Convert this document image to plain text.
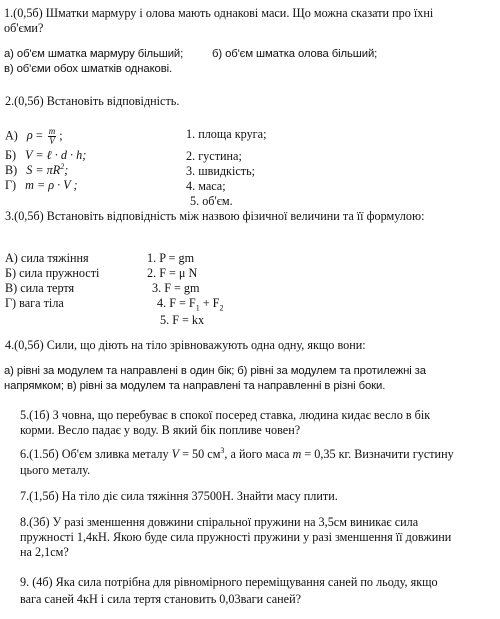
1.(0,5б) Шматки мармуру і олова мають однакові маси. Що можна сказати про їхні
об'єми?
а) об'єм шматка мармуру більший;	б) об'єм шматка олова більший;
в) об'єми обох шматків однакові.
2.(0,5б) Встановіть відповідність.
А) $\rho = \frac{m}{V}$ ;
Б) V = ℓ · d · h;
В) $S = \pi R^2$;
Г) m = ρ · V ;
1. площа круга;
2. густина;
3. швидкість;
4. маса;
5. об'єм.
3.(0,5б) Встановіть відповідність між назвою фізичної величини та її формулою:
А) сила тяжіння
Б) сила пружності
В) сила тертя
Г) вага тіла
1. P = gm
2. F = μ N
3. F = gm
4. $F = F_1 + F_2$
5. F = kx
4.(0,5б) Сили, що діють на тіло зрівноважують одна одну, якщо вони:
а) рівні за модулем та направлені в один бік; б) рівні за модулем та протилежні за
напрямком; в) рівні за модулем та направлені та направленні в різні боки.
5.(1б) З човна, що перебуває в спокої посеред ставка, людина кидає весло в бік
корми. Весло падає у воду. В який бік попливе човен?
6.(1.5б) Об'єм зливка металу V = 50 $см^3$, а його маса m = 0,35 кг. Визначити густину
цього металу.
7.(1,5б) На тіло діє сила тяжіння 37500Н. Знайти масу плити.
8.(3б) У разі зменшення довжини спіральної пружини на 3,5см виникає сила
пружності 1,4кН. Якою буде сила пружності пружини у разі зменшення її довжини
на 2,1см?
9. (4б) Яка сила потрібна для рівномірного переміщування саней по льоду, якщо
вага саней 4кН і сила тертя становить 0,03ваги саней?
